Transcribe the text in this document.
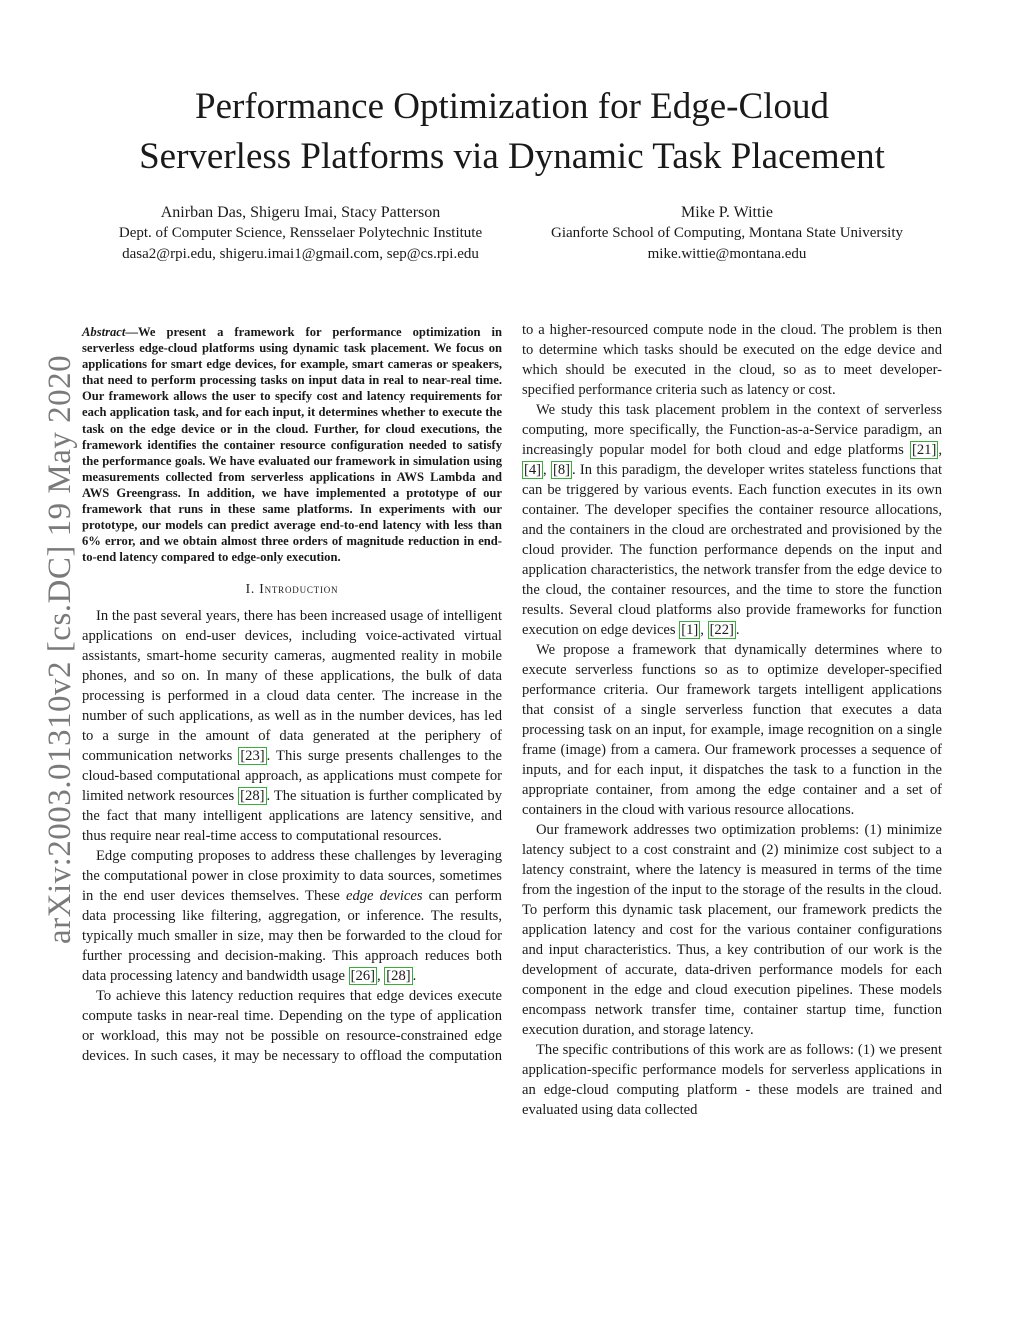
Performance Optimization for Edge-Cloud
Serverless Platforms via Dynamic Task Placement
Anirban Das, Shigeru Imai, Stacy Patterson
Dept. of Computer Science, Rensselaer Polytechnic Institute
dasa2@rpi.edu, shigeru.imai1@gmail.com, sep@cs.rpi.edu
Mike P. Wittie
Gianforte School of Computing, Montana State University
mike.wittie@montana.edu
arXiv:2003.01310v2 [cs.DC] 19 May 2020
Abstract—We present a framework for performance optimization in serverless edge-cloud platforms using dynamic task placement. We focus on applications for smart edge devices, for example, smart cameras or speakers, that need to perform processing tasks on input data in real to near-real time. Our framework allows the user to specify cost and latency requirements for each application task, and for each input, it determines whether to execute the task on the edge device or in the cloud. Further, for cloud executions, the framework identifies the container resource configuration needed to satisfy the performance goals. We have evaluated our framework in simulation using measurements collected from serverless applications in AWS Lambda and AWS Greengrass. In addition, we have implemented a prototype of our framework that runs in these same platforms. In experiments with our prototype, our models can predict average end-to-end latency with less than 6% error, and we obtain almost three orders of magnitude reduction in end-to-end latency compared to edge-only execution.
I. Introduction

In the past several years, there has been increased usage of intelligent applications on end-user devices, including voice-activated virtual assistants, smart-home security cameras, augmented reality in mobile phones, and so on. In many of these applications, the bulk of data processing is performed in a cloud data center. The increase in the number of such applications, as well as in the number devices, has led to a surge in the amount of data generated at the periphery of communication networks [23] . This surge presents challenges to the cloud-based computational approach, as applications must compete for limited network resources [28] . The situation is further complicated by the fact that many intelligent applications are latency sensitive, and thus require near real-time access to computational resources.

Edge computing proposes to address these challenges by leveraging the computational power in close proximity to data sources, sometimes in the end user devices themselves. These edge devices can perform data processing like filtering, aggregation, or inference. The results, typically much smaller in size, may then be forwarded to the cloud for further processing and decision-making. This approach reduces both data processing latency and bandwidth usage [26] , [28] .

To achieve this latency reduction requires that edge devices execute compute tasks in near-real time. Depending on the type of application or workload, this may not be possible on resource-constrained edge devices. In such cases, it may be necessary to offload the computation

to a higher-resourced compute node in the cloud. The problem is then to determine which tasks should be executed on the edge device and which should be executed in the cloud, so as to meet developer-specified performance criteria such as latency or cost.

We study this task placement problem in the context of serverless computing, more specifically, the Function-as-a-Service paradigm, an increasingly popular model for both cloud and edge platforms [21] , [4] , [8] . In this paradigm, the developer writes stateless functions that can be triggered by various events. Each function executes in its own container. The developer specifies the container resource allocations, and the containers in the cloud are orchestrated and provisioned by the cloud provider. The function performance depends on the input and application characteristics, the network transfer from the edge device to the cloud, the container resources, and the time to store the function results. Several cloud platforms also provide frameworks for function execution on edge devices [1] , [22] .

We propose a framework that dynamically determines where to execute serverless functions so as to optimize developer-specified performance criteria. Our framework targets intelligent applications that consist of a single serverless function that executes a data processing task on an input, for example, image recognition on a single frame (image) from a camera. Our framework processes a sequence of inputs, and for each input, it dispatches the task to a function in the appropriate container, from among the edge container and a set of containers in the cloud with various resource allocations.

Our framework addresses two optimization problems: (1) minimize latency subject to a cost constraint and (2) minimize cost subject to a latency constraint, where the latency is measured in terms of the time from the ingestion of the input to the storage of the results in the cloud. To perform this dynamic task placement, our framework predicts the application latency and cost for the various container configurations and input characteristics. Thus, a key contribution of our work is the development of accurate, data-driven performance models for each component in the edge and cloud execution pipelines. These models encompass network transfer time, container startup time, function execution duration, and storage latency.

The specific contributions of this work are as follows: (1) we present application-specific performance models for serverless applications in an edge-cloud computing platform - these models are trained and evaluated using data collected
